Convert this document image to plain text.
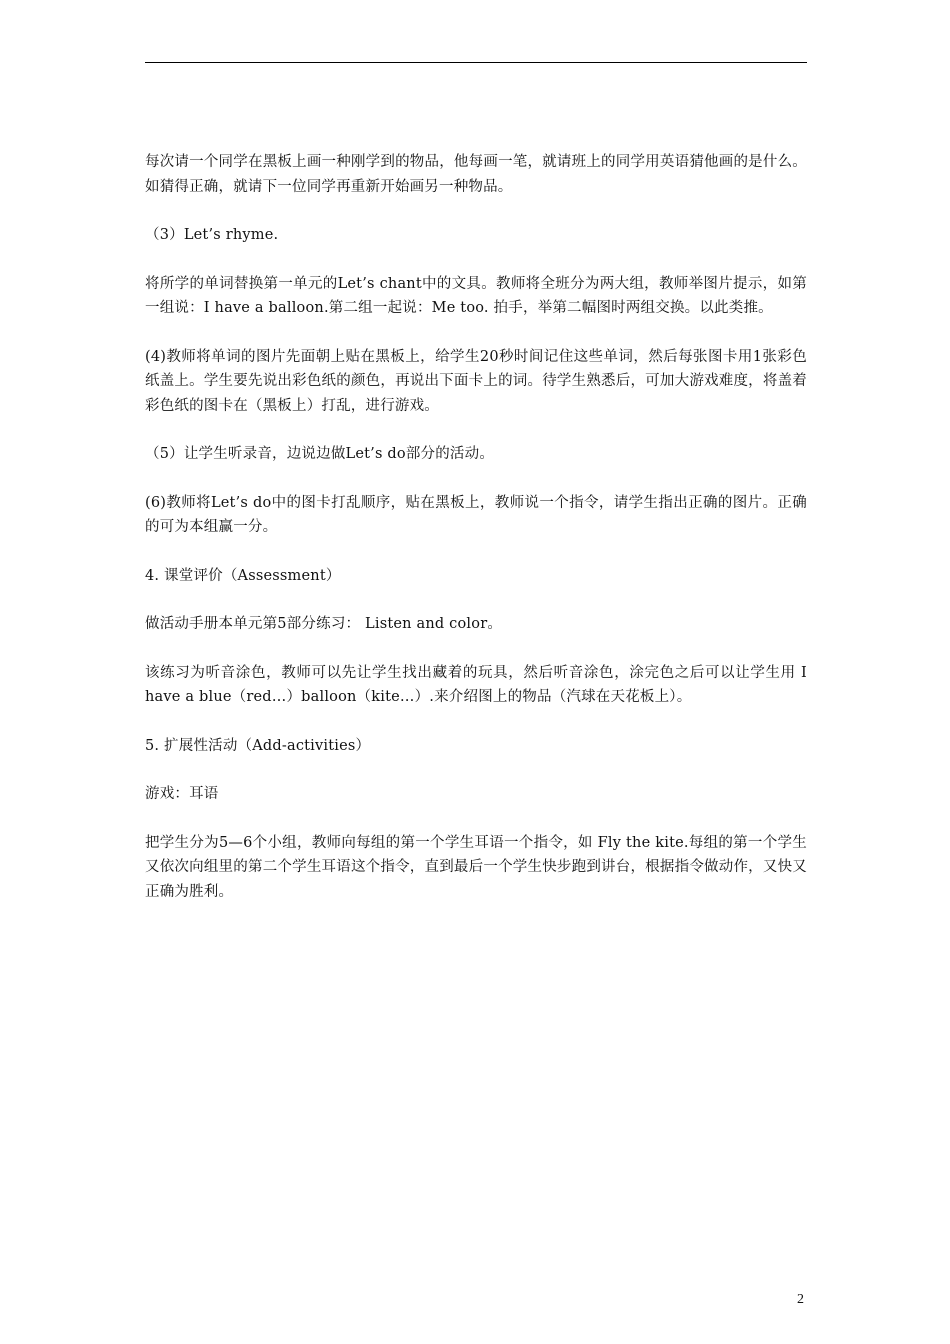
每次请一个同学在黑板上画一种刚学到的物品，他每画一笔，就请班上的同学用英语猜他画的是什么。如猜得正确，就请下一位同学再重新开始画另一种物品。

（3）Let’s rhyme.

将所学的单词替换第一单元的Let’s chant中的文具。教师将全班分为两大组，教师举图片提示，如第一组说：I have a balloon.第二组一起说：Me too. 拍手，举第二幅图时两组交换。以此类推。

(4)教师将单词的图片先面朝上贴在黑板上，给学生20秒时间记住这些单词，然后每张图卡用1张彩色纸盖上。学生要先说出彩色纸的颜色，再说出下面卡上的词。待学生熟悉后，可加大游戏难度，将盖着彩色纸的图卡在（黑板上）打乱，进行游戏。

（5）让学生听录音，边说边做Let’s do部分的活动。

(6)教师将Let’s do中的图卡打乱顺序，贴在黑板上，教师说一个指令，请学生指出正确的图片。正确的可为本组赢一分。

4. 课堂评价（Assessment）

做活动手册本单元第5部分练习： Listen and color。

该练习为听音涂色，教师可以先让学生找出藏着的玩具，然后听音涂色，涂完色之后可以让学生用 I have a blue（red…）balloon（kite…）.来介绍图上的物品（汽球在天花板上）。

5. 扩展性活动（Add-activities）

游戏：耳语

把学生分为5—6个小组，教师向每组的第一个学生耳语一个指令，如 Fly the kite.每组的第一个学生又依次向组里的第二个学生耳语这个指令，直到最后一个学生快步跑到讲台，根据指令做动作，又快又正确为胜利。

2
